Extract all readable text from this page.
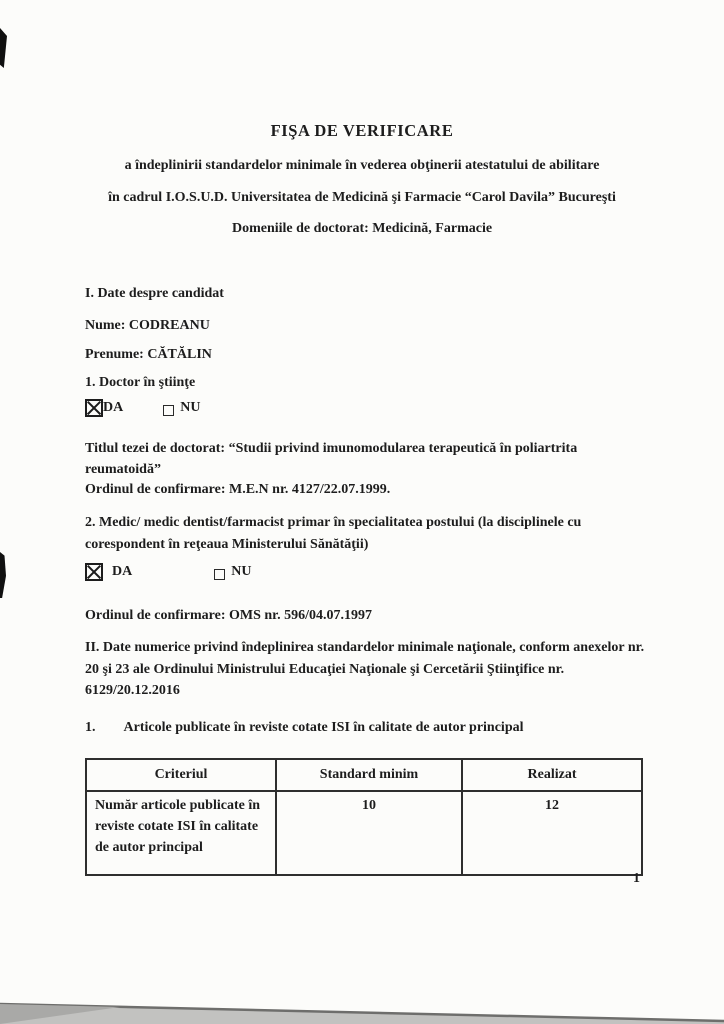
FIŞA DE VERIFICARE
a îndeplinirii standardelor minimale în vederea obţinerii atestatului de abilitare
în cadrul I.O.S.U.D. Universitatea de Medicină şi Farmacie “Carol Davila” Bucureşti
Domeniile de doctorat: Medicină, Farmacie
I. Date despre candidat
Nume: CODREANU
Prenume: CĂTĂLIN
1. Doctor în ştiinţe
DA	NU
Titlul tezei de doctorat: “Studii privind imunomodularea terapeutică în poliartrita reumatoidă”
Ordinul de confirmare: M.E.N nr. 4127/22.07.1999.
2. Medic/ medic dentist/farmacist primar în specialitatea postului (la disciplinele cu corespondent în reţeaua Ministerului Sănătăţii)
DA	NU
Ordinul de confirmare: OMS nr. 596/04.07.1997
II. Date numerice privind îndeplinirea standardelor minimale naţionale, conform anexelor nr. 20 şi 23 ale Ordinului Ministrului Educaţiei Naţionale şi Cercetării Ştiinţifice nr. 6129/20.12.2016
1. Articole publicate în reviste cotate ISI în calitate de autor principal
Criteriul	Standard minim	Realizat
Număr articole publicate în reviste cotate ISI în calitate de autor principal	10	12
1
